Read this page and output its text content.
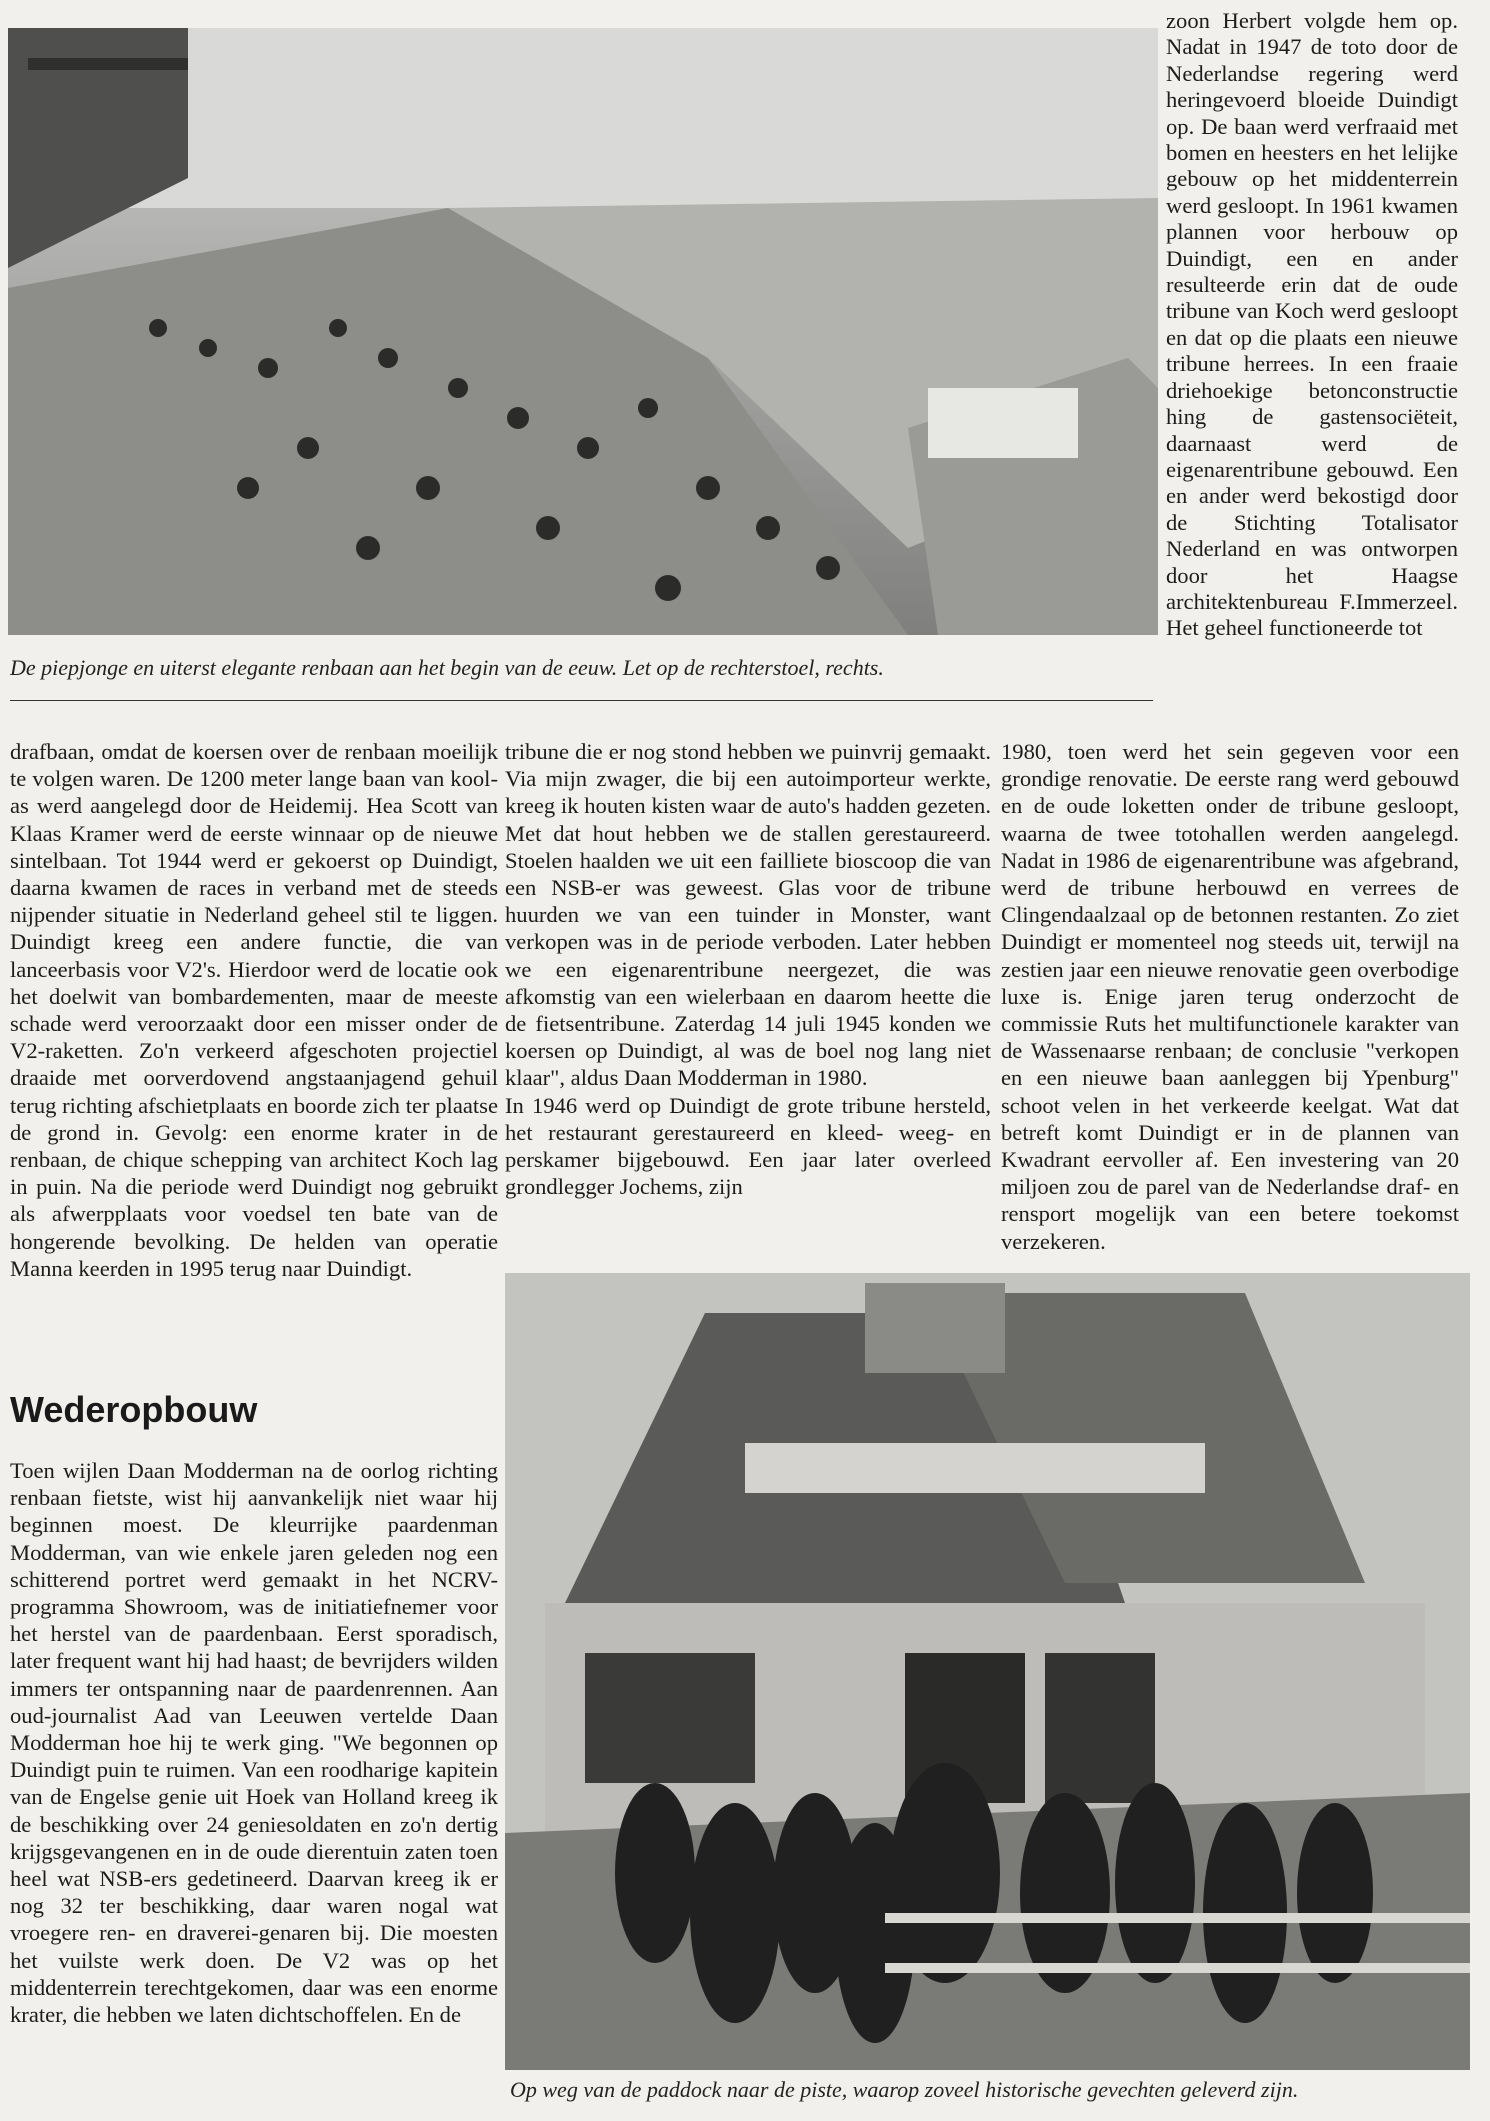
De piepjonge en uiterst elegante renbaan aan het begin van de eeuw. Let op de rechterstoel, rechts.

zoon Herbert volgde hem op. Nadat in 1947 de toto door de Nederlandse regering werd heringevoerd bloeide Duindigt op. De baan werd verfraaid met bomen en heesters en het lelijke gebouw op het middenterrein werd gesloopt. In 1961 kwamen plannen voor herbouw op Duindigt, een en ander resulteerde erin dat de oude tribune van Koch werd gesloopt en dat op die plaats een nieuwe tribune herrees. In een fraaie driehoekige betonconstructie hing de gastensociëteit, daarnaast werd de eigenarentribune gebouwd. Een en ander werd bekostigd door de Stichting Totalisator Nederland en was ontworpen door het Haagse architektenbureau F.Immerzeel. Het geheel functioneerde tot

drafbaan, omdat de koersen over de renbaan moeilijk te volgen waren. De 1200 meter lange baan van kool-as werd aangelegd door de Heidemij. Hea Scott van Klaas Kramer werd de eerste winnaar op de nieuwe sintelbaan. Tot 1944 werd er gekoerst op Duindigt, daarna kwamen de races in verband met de steeds nijpender situatie in Nederland geheel stil te liggen. Duindigt kreeg een andere functie, die van lanceerbasis voor V2's. Hierdoor werd de locatie ook het doelwit van bombardementen, maar de meeste schade werd veroorzaakt door een misser onder de V2-raketten. Zo'n verkeerd afgeschoten projectiel draaide met oorverdovend angstaanjagend gehuil terug richting afschietplaats en boorde zich ter plaatse de grond in. Gevolg: een enorme krater in de renbaan, de chique schepping van architect Koch lag in puin. Na die periode werd Duindigt nog gebruikt als afwerpplaats voor voedsel ten bate van de hongerende bevolking. De helden van operatie Manna keerden in 1995 terug naar Duindigt.

Wederopbouw

Toen wijlen Daan Modderman na de oorlog richting renbaan fietste, wist hij aanvankelijk niet waar hij beginnen moest. De kleurrijke paardenman Modderman, van wie enkele jaren geleden nog een schitterend portret werd gemaakt in het NCRV-programma Showroom, was de initiatiefnemer voor het herstel van de paardenbaan. Eerst sporadisch, later frequent want hij had haast; de bevrijders wilden immers ter ontspanning naar de paardenrennen. Aan oud-journalist Aad van Leeuwen vertelde Daan Modderman hoe hij te werk ging. "We begonnen op Duindigt puin te ruimen. Van een roodharige kapitein van de Engelse genie uit Hoek van Holland kreeg ik de beschikking over 24 geniesoldaten en zo'n dertig krijgsgevangenen en in de oude dierentuin zaten toen heel wat NSB-ers gedetineerd. Daarvan kreeg ik er nog 32 ter beschikking, daar waren nogal wat vroegere ren- en draverei-genaren bij. Die moesten het vuilste werk doen. De V2 was op het middenterrein terechtgekomen, daar was een enorme krater, die hebben we laten dichtschoffelen. En de

tribune die er nog stond hebben we puinvrij gemaakt. Via mijn zwager, die bij een autoimporteur werkte, kreeg ik houten kisten waar de auto's hadden gezeten. Met dat hout hebben we de stallen gerestaureerd. Stoelen haalden we uit een failliete bioscoop die van een NSB-er was geweest. Glas voor de tribune huurden we van een tuinder in Monster, want verkopen was in de periode verboden. Later hebben we een eigenarentribune neergezet, die was afkomstig van een wielerbaan en daarom heette die de fietsentribune. Zaterdag 14 juli 1945 konden we koersen op Duindigt, al was de boel nog lang niet klaar", aldus Daan Modderman in 1980.

In 1946 werd op Duindigt de grote tribune hersteld, het restaurant gerestaureerd en kleed- weeg- en perskamer bijgebouwd. Een jaar later overleed grondlegger Jochems, zijn

1980, toen werd het sein gegeven voor een grondige renovatie. De eerste rang werd gebouwd en de oude loketten onder de tribune gesloopt, waarna de twee totohallen werden aangelegd. Nadat in 1986 de eigenarentribune was afgebrand, werd de tribune herbouwd en verrees de Clingendaalzaal op de betonnen restanten. Zo ziet Duindigt er momenteel nog steeds uit, terwijl na zestien jaar een nieuwe renovatie geen overbodige luxe is. Enige jaren terug onderzocht de commissie Ruts het multifunctionele karakter van de Wassenaarse renbaan; de conclusie "verkopen en een nieuwe baan aanleggen bij Ypenburg" schoot velen in het verkeerde keelgat. Wat dat betreft komt Duindigt er in de plannen van Kwadrant eervoller af. Een investering van 20 miljoen zou de parel van de Nederlandse draf- en rensport mogelijk van een betere toekomst verzekeren.

Op weg van de paddock naar de piste, waarop zoveel historische gevechten geleverd zijn.
